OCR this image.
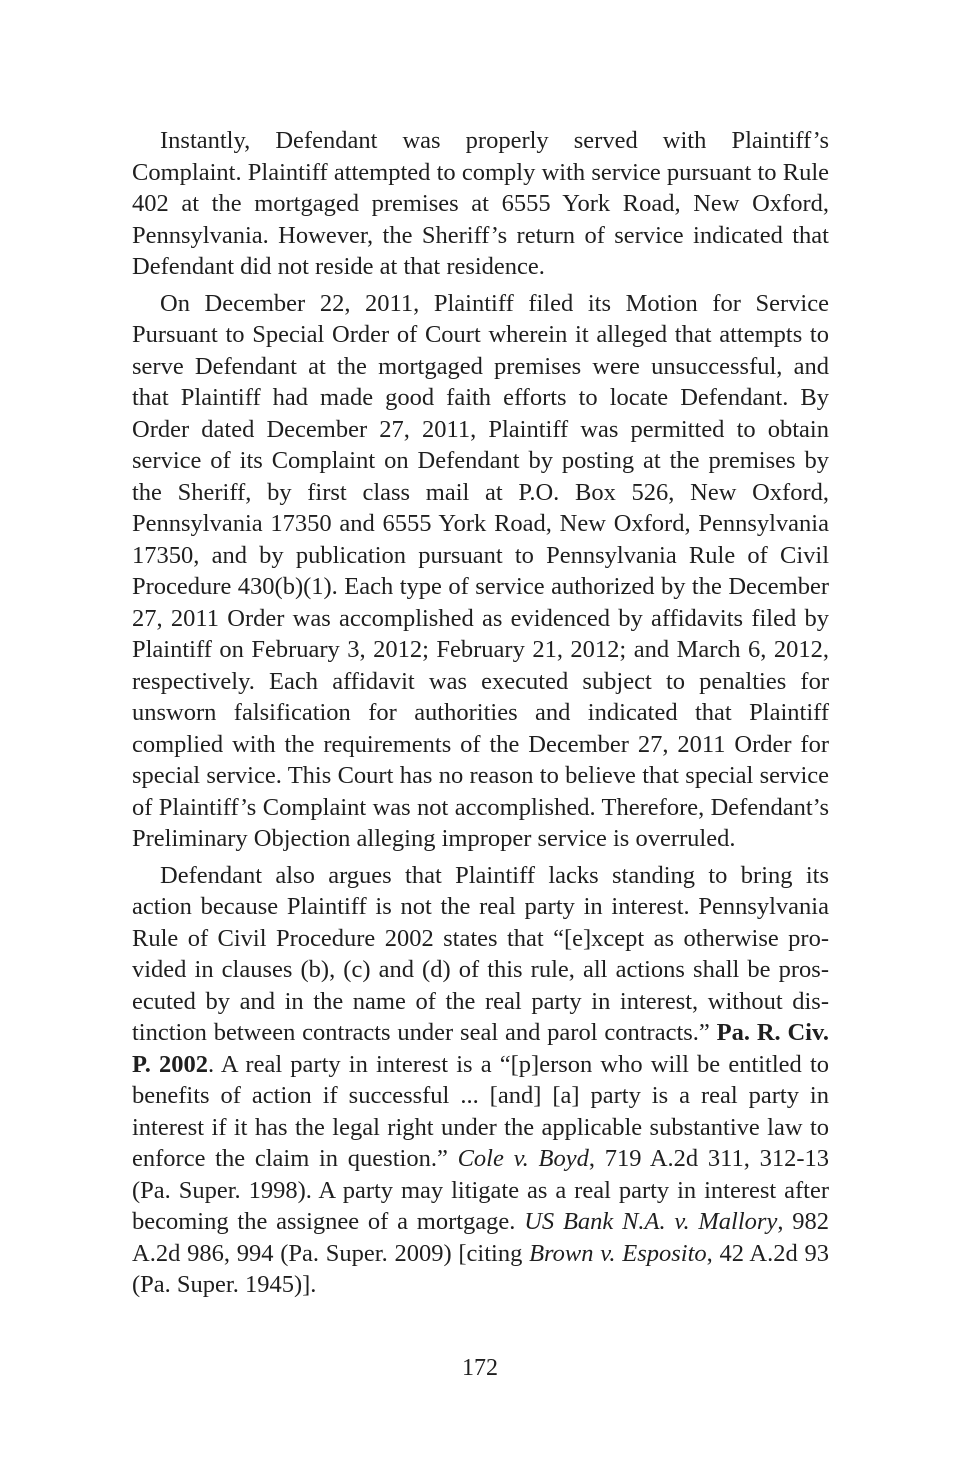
Instantly, Defendant was properly served with Plaintiff’s Complaint. Plaintiff attempted to comply with service pursuant to Rule 402 at the mortgaged premises at 6555 York Road, New Oxford, Pennsylvania. However, the Sheriff’s return of service indicated that Defendant did not reside at that residence.

On December 22, 2011, Plaintiff filed its Motion for Service Pursuant to Special Order of Court wherein it alleged that attempts to serve Defendant at the mortgaged premises were unsuccessful, and that Plaintiff had made good faith efforts to locate Defendant. By Order dated December 27, 2011, Plaintiff was permitted to obtain service of its Complaint on Defendant by posting at the premises by the Sheriff, by first class mail at P.O. Box 526, New Oxford, Pennsylvania 17350 and 6555 York Road, New Oxford, Pennsylvania 17350, and by publication pursuant to Pennsylvania Rule of Civil Procedure 430(b)(1). Each type of service authorized by the December 27, 2011 Order was accomplished as evidenced by affidavits filed by Plaintiff on February 3, 2012; February 21, 2012; and March 6, 2012, respectively. Each affidavit was executed subject to penalties for unsworn falsification for authorities and indicated that Plaintiff complied with the requirements of the December 27, 2011 Order for special service. This Court has no reason to believe that special service of Plaintiff’s Complaint was not accomplished. Therefore, Defendant’s Preliminary Objection alleging improper service is overruled.

Defendant also argues that Plaintiff lacks standing to bring its action because Plaintiff is not the real party in interest. Pennsylvania Rule of Civil Procedure 2002 states that “[e]xcept as otherwise provided in clauses (b), (c) and (d) of this rule, all actions shall be prosecuted by and in the name of the real party in interest, without distinction between contracts under seal and parol contracts.” Pa. R. Civ. P. 2002. A real party in interest is a “[p]erson who will be entitled to benefits of action if successful ... [and] [a] party is a real party in interest if it has the legal right under the applicable substantive law to enforce the claim in question.” Cole v. Boyd, 719 A.2d 311, 312-13 (Pa. Super. 1998). A party may litigate as a real party in interest after becoming the assignee of a mortgage. US Bank N.A. v. Mallory, 982 A.2d 986, 994 (Pa. Super. 2009) [citing Brown v. Esposito, 42 A.2d 93 (Pa. Super. 1945)].

172
